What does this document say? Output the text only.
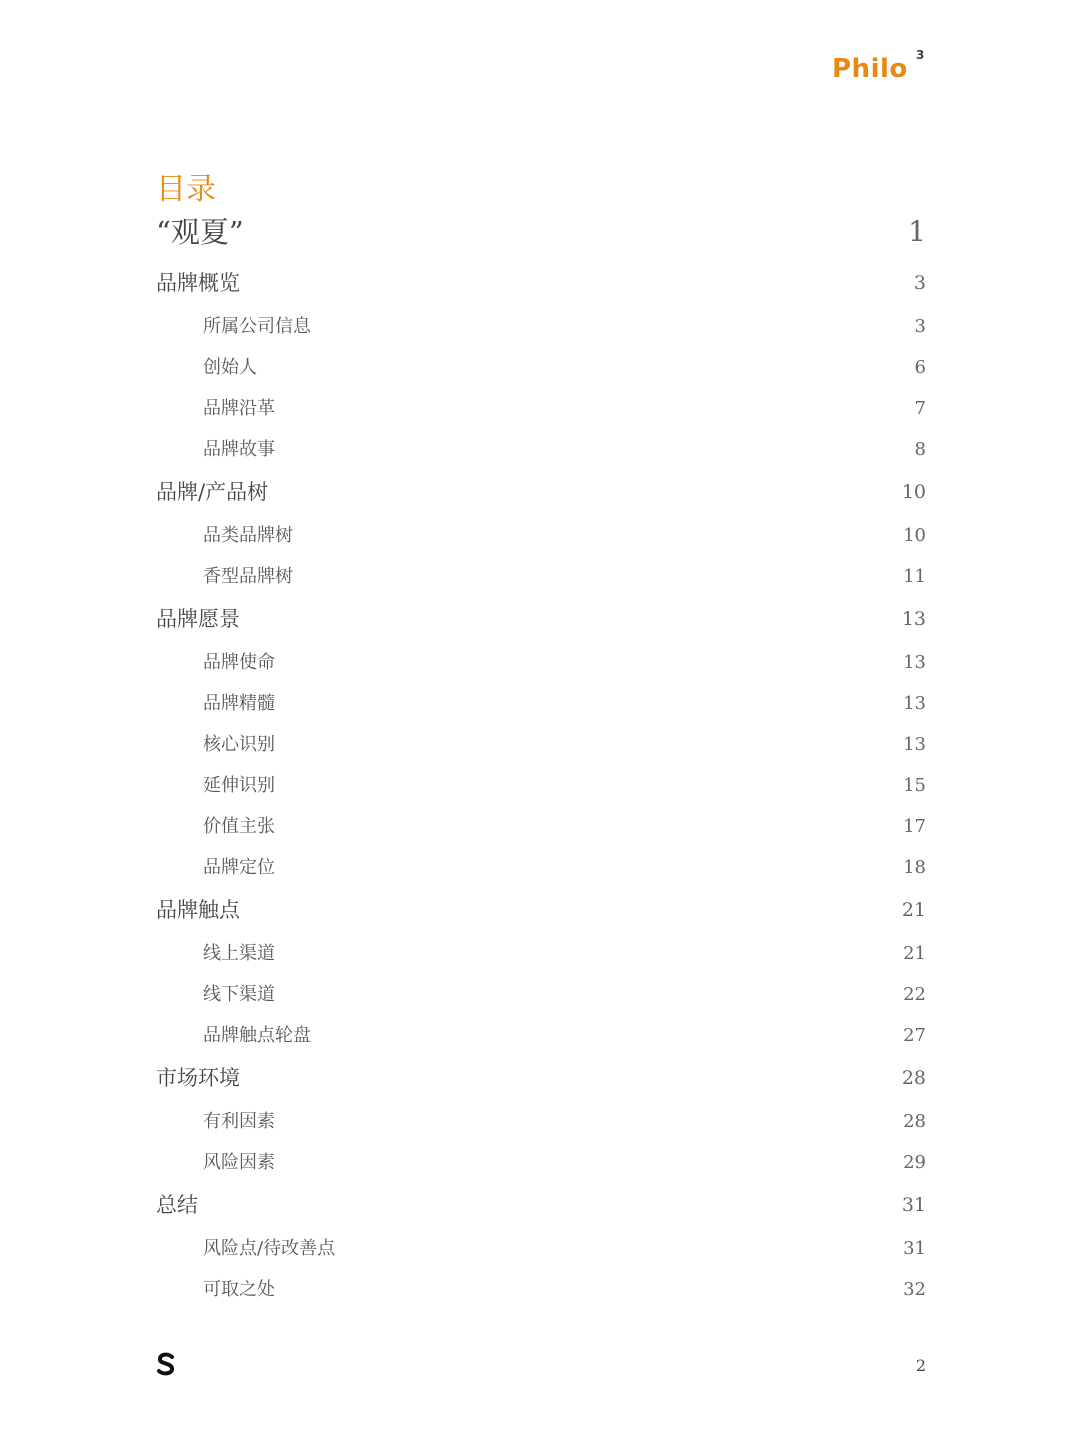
Philo 3
目录
“观夏”	1
品牌概览	3
所属公司信息	3
创始人	6
品牌沿革	7
品牌故事	8
品牌/产品树	10
品类品牌树	10
香型品牌树	11
品牌愿景	13
品牌使命	13
品牌精髓	13
核心识别	13
延伸识别	15
价值主张	17
品牌定位	18
品牌触点	21
线上渠道	21
线下渠道	22
品牌触点轮盘	27
市场环境	28
有利因素	28
风险因素	29
总结	31
风险点/待改善点	31
可取之处	32
2
